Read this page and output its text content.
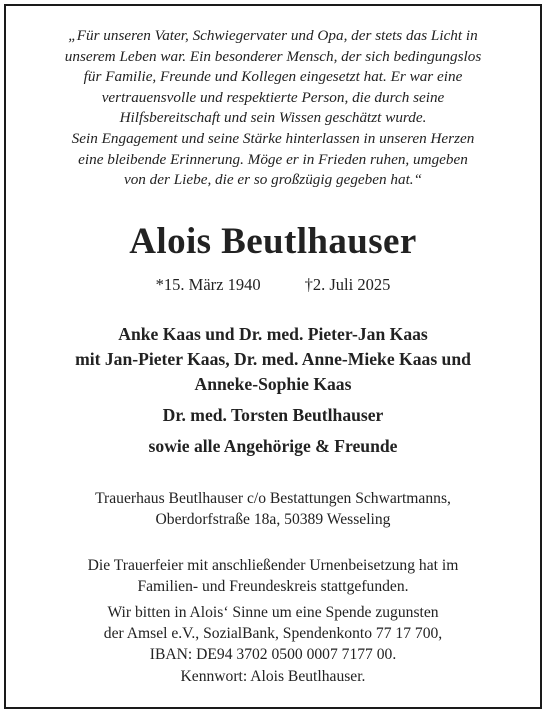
„Für unseren Vater, Schwiegervater und Opa, der stets das Licht in
unserem Leben war. Ein besonderer Mensch, der sich bedingungslos
für Familie, Freunde und Kollegen eingesetzt hat. Er war eine
vertrauensvolle und respektierte Person, die durch seine
Hilfsbereitschaft und sein Wissen geschätzt wurde.
Sein Engagement und seine Stärke hinterlassen in unseren Herzen
eine bleibende Erinnerung. Möge er in Frieden ruhen, umgeben
von der Liebe, die er so großzügig gegeben hat.“
Alois Beutlhauser
*15. März 1940	†2. Juli 2025
Anke Kaas und Dr. med. Pieter-Jan Kaas
mit Jan-Pieter Kaas, Dr. med. Anne-Mieke Kaas und
Anneke-Sophie Kaas
Dr. med. Torsten Beutlhauser
sowie alle Angehörige & Freunde
Trauerhaus Beutlhauser c/o Bestattungen Schwartmanns,
Oberdorfstraße 18a, 50389 Wesseling
Die Trauerfeier mit anschließender Urnenbeisetzung hat im
Familien- und Freundeskreis stattgefunden.
Wir bitten in Alois‘ Sinne um eine Spende zugunsten
der Amsel e.V., SozialBank, Spendenkonto 77 17 700,
IBAN: DE94 3702 0500 0007 7177 00.
Kennwort: Alois Beutlhauser.
